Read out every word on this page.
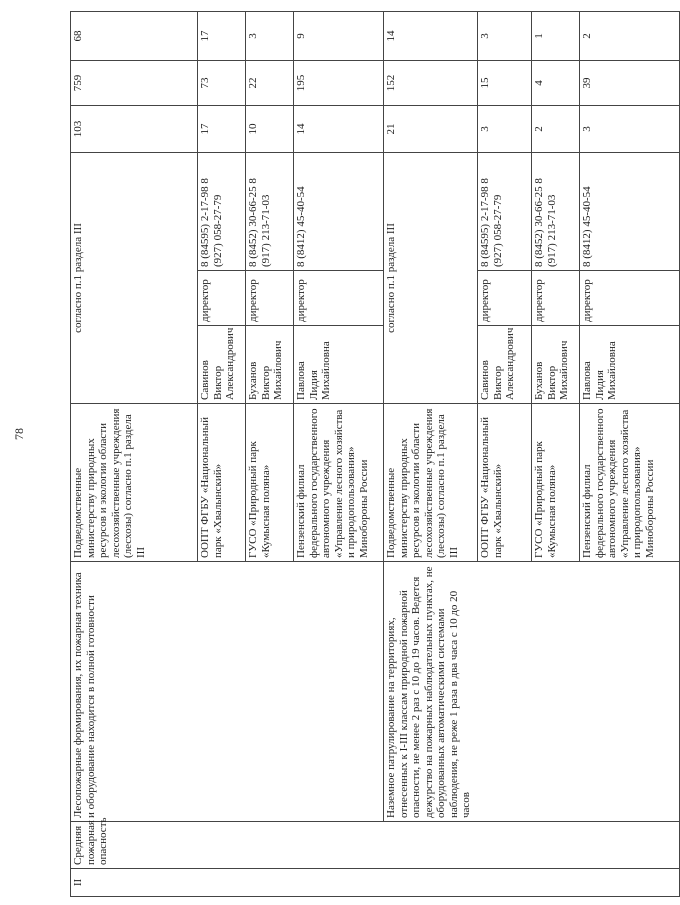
78
II	Средняя пожарная опасность	Лесопожарные формирования, их пожарная техника и оборудование находится в полной готовности	Подведомственные министерству природных ресурсов и экологии области лесохозяйственные учреждения (лесхозы) согласно п.1 раздела III	согласно п.1 раздела III			103	759	68
			ООПТ ФГБУ «Национальный парк «Хвалынский»	Савинов Виктор Александрович	директор	8 (84595) 2-17-98 8 (927) 058-27-79	17	73	17
			ГУСО «Природный парк «Кумысная поляна»	Буханов Виктор Михайлович	директор	8 (8452) 30-66-25 8 (917) 213-71-03	10	22	3
			Пензенский филиал федерального государственного автономного учреждения «Управление лесного хозяйства и природопользования» Минобороны России	Павлова Лидия Михайловна	директор	8 (8412) 45-40-54	14	195	9
		Наземное патрулирование на территориях, отнесенных к I-III классам природной пожарной опасности, не менее 2 раз с 10 до 19 часов. Ведется дежурство на пожарных наблюдательных пунктах, не оборудованных автоматическими системами наблюдения, не реже 1 раза в два часа с 10 до 20 часов	Подведомственные министерству природных ресурсов и экологии области лесохозяйственные учреждения (лесхозы) согласно п.1 раздела III	согласно п.1 раздела III			21	152	14
			ООПТ ФГБУ «Национальный парк «Хвалынский»	Савинов Виктор Александрович	директор	8 (84595) 2-17-98 8 (927) 058-27-79	3	15	3
			ГУСО «Природный парк «Кумысная поляна»	Буханов Виктор Михайлович	директор	8 (8452) 30-66-25 8 (917) 213-71-03	2	4	1
			Пензенский филиал федерального государственного автономного учреждения «Управление лесного хозяйства и природопользования» Минобороны России	Павлова Лидия Михайловна	директор	8 (8412) 45-40-54	3	39	2
